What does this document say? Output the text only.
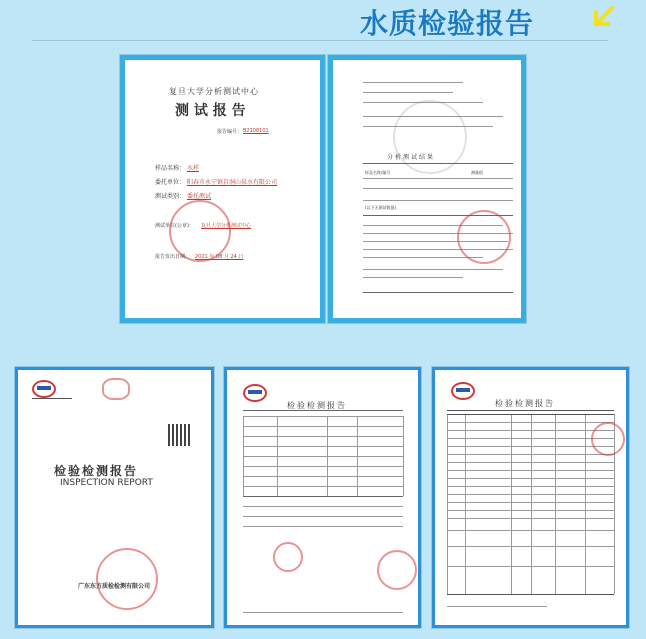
水质检验报告
复旦大学分析测试中心
测 试 报 告
报告编号： B2108101
样品名称： 水样
委托单位： 阳春市永宁镇岩洞山泉水有限公司
测试类别： 委托测试
测试单位(公章)： 复旦大学分析测试中心
报告发出日期： 2021 年 08 月 24 日
分析测试结果
样品名称/编号	测量值
(以下无测试数据)
检验检测报告
INSPECTION REPORT
广东东方质检检测有限公司
检验检测报告	检验检测报告
